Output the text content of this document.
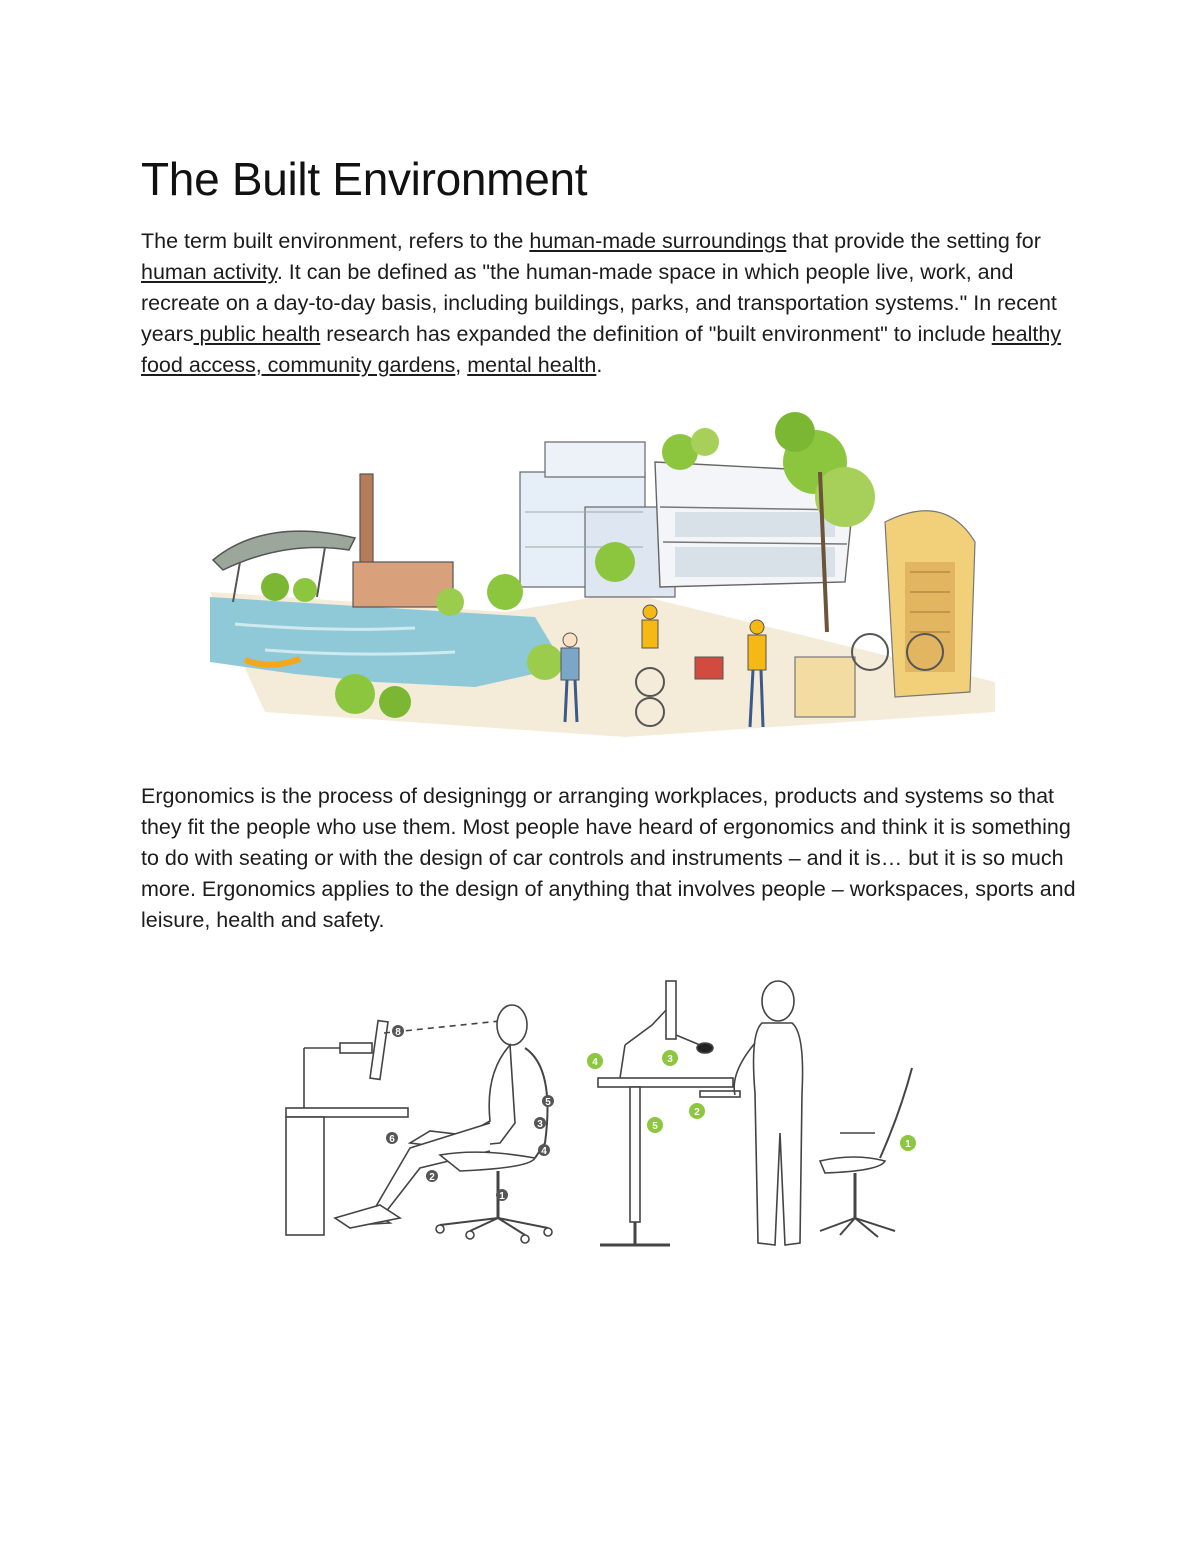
The Built Environment

The term built environment, refers to the human-made surroundings that provide the setting for human activity. It can be defined as "the human-made space in which people live, work, and recreate on a day-to-day basis, including buildings, parks, and transportation systems." In recent years public health research has expanded the definition of "built environment" to include healthy food access, community gardens, mental health.

Ergonomics is the process of designingg or arranging workplaces, products and systems so that they fit the people who use them. Most people have heard of ergonomics and think it is something to do with seating or with the design of car controls and instruments – and it is… but it is so much more. Ergonomics applies to the design of anything that involves people – workspaces, sports and leisure, health and safety.

8
5
3
4
6
2
1
4	3
2
5
1
